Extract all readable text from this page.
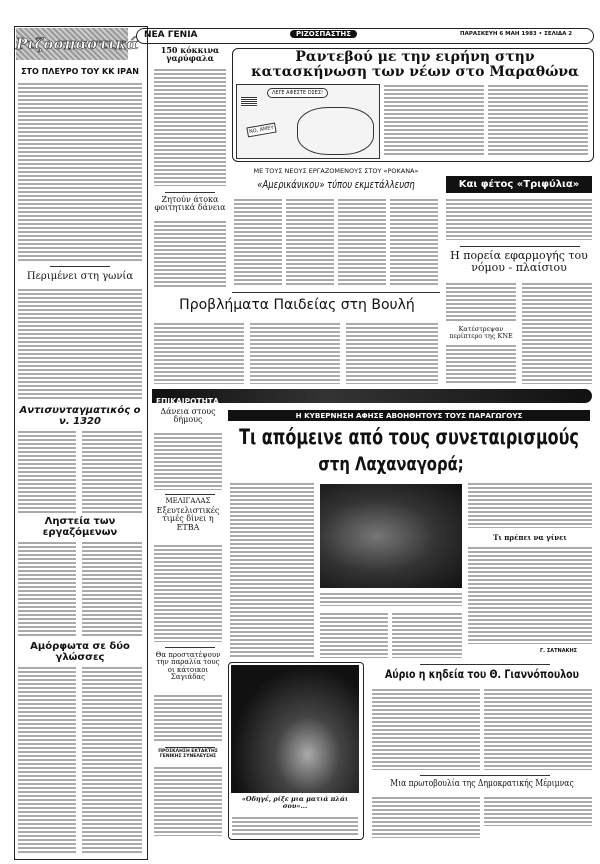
ΝΕΑ ΓΕΝΙΑ	ΡΙΖΟΣΠΑΣΤΗΣ	ΠΑΡΑΣΚΕΥΗ 6 ΜΑΗ 1983 • ΣΕΛΙΔΑ 2
Ριζοσπαστικά
ΣΤΟ ΠΛΕΥΡΟ ΤΟΥ ΚΚ ΙΡΑΝ
Περιμένει στη γωνία
Αντισυνταγματικός ο ν. 1320
Ληστεία των εργαζόμενων
Αμόρφωτα σε δύο γλώσσες
150 κόκκινα γαρύφαλα
Ζητούν άτοκα φοιτητικά δάνεια
Ραντεβού με την ειρήνη στην κατασκήνωση των νέων στο Μαραθώνα
ΛΕΓΕ ΑΦΕΣΤΕ ΟΣΕΣ!
NO, AMEY
ΜΕ ΤΟΥΣ ΝΕΟΥΣ ΕΡΓΑΖΟΜΕΝΟΥΣ ΣΤΟΥ «ΡΟΚΑΝΑ»
«Αμερικάνικου» τύπου εκμετάλλευση	Και φέτος «Τριφύλια»
Η πορεία εφαρμογής του νόμου - πλαίσιου
Κατέστρεψαν περίπτερο της ΚΝΕ
Προβλήματα Παιδείας στη Βουλή
ΕΠΙΚΑΙΡΟΤΗΤΑ
Δάνεια στους δήμους
ΜΕΛΙΓΑΛΑΣ
Εξευτελιστικές τιμές δίνει η ΕΤΒΑ
Θα προστατέψουν την παραλία τους οι κάτοικοι Σαγιάδας
ΠΡΟΣΚΛΗΣΗ ΕΚΤΑΚΤΗΣ ΓΕΝΙΚΗΣ ΣΥΝΕΛΕΥΣΗΣ
Η ΚΥΒΕΡΝΗΣΗ ΑΦΗΣΕ ΑΒΟΗΘΗΤΟΥΣ ΤΟΥΣ ΠΑΡΑΓΩΓΟΥΣ
Τι απόμεινε από τους συνεταιρισμούς
στη Λαχαναγορά;
Τι πρέπει να γίνει
Γ. ΣΑΤΝΑΚΗΣ
«Οδηγέ, ρίξε μια ματιά πλάι σου»...
Αύριο η κηδεία του Θ. Γιαννόπουλου
Μια πρωτοβουλία της Δημοκρατικής Μέριμνας
